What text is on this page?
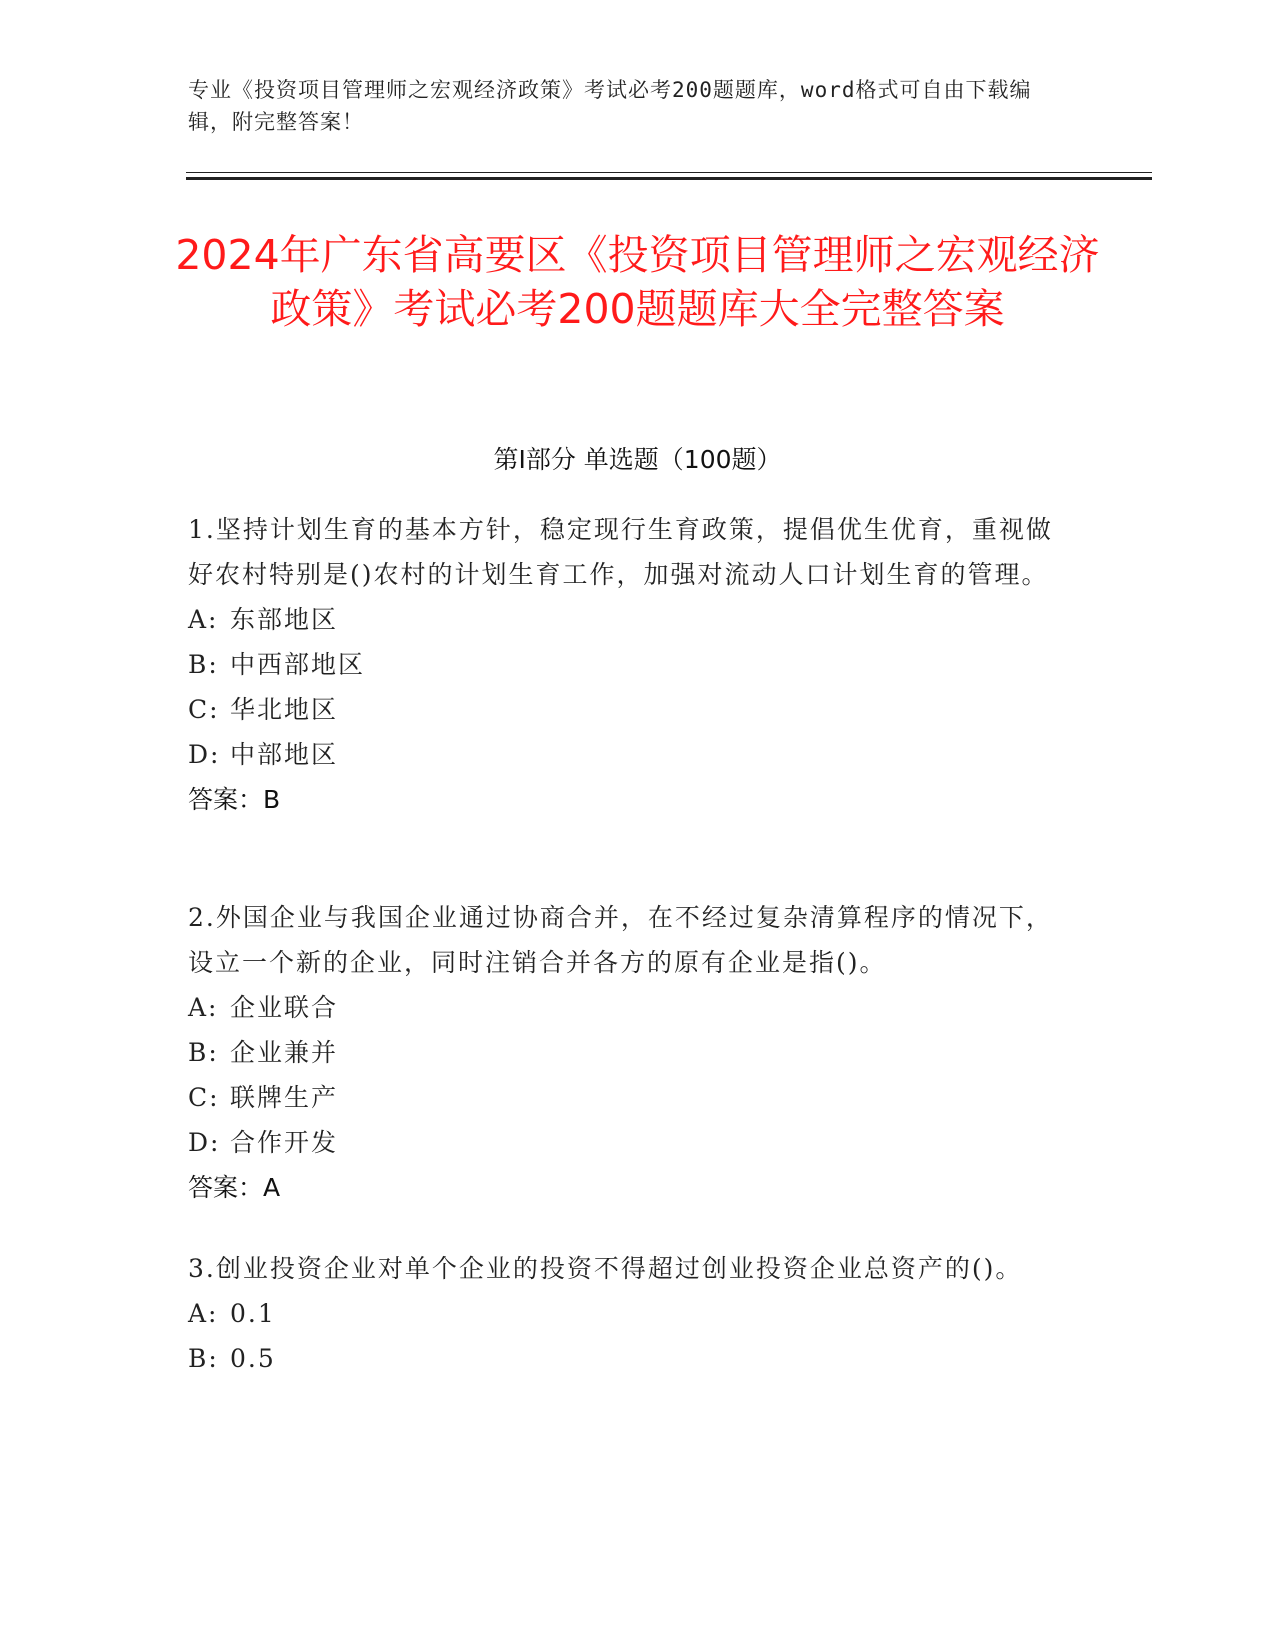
专业《投资项目管理师之宏观经济政策》考试必考200题题库，word格式可自由下载编辑，附完整答案！
2024年广东省高要区《投资项目管理师之宏观经济政策》考试必考200题题库大全完整答案
第Ⅰ部分 单选题（100题）
1.坚持计划生育的基本方针，稳定现行生育政策，提倡优生优育，重视做好农村特别是()农村的计划生育工作，加强对流动人口计划生育的管理。
A: 东部地区
B: 中西部地区
C: 华北地区
D: 中部地区
答案：B
2.外国企业与我国企业通过协商合并，在不经过复杂清算程序的情况下，设立一个新的企业，同时注销合并各方的原有企业是指()。
A: 企业联合
B: 企业兼并
C: 联牌生产
D: 合作开发
答案：A
3.创业投资企业对单个企业的投资不得超过创业投资企业总资产的()。
A: 0.1
B: 0.5
